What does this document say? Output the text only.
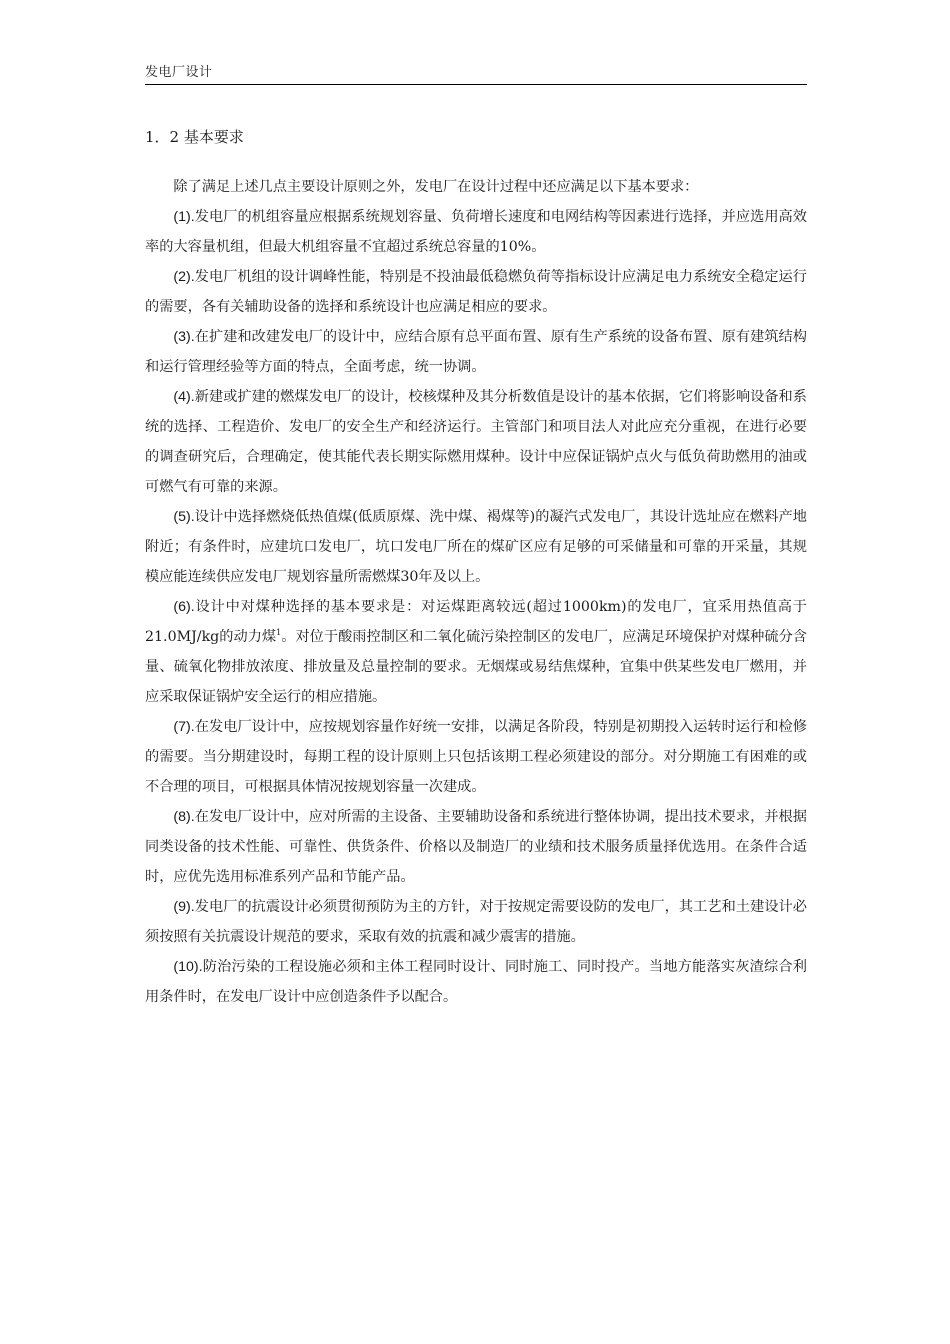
发电厂设计
1．2 基本要求

除了满足上述几点主要设计原则之外，发电厂在设计过程中还应满足以下基本要求：

(1).发电厂的机组容量应根据系统规划容量、负荷增长速度和电网结构等因素进行选择，并应选用高效率的大容量机组，但最大机组容量不宜超过系统总容量的10%。

(2).发电厂机组的设计调峰性能，特别是不投油最低稳燃负荷等指标设计应满足电力系统安全稳定运行的需要，各有关辅助设备的选择和系统设计也应满足相应的要求。

(3).在扩建和改建发电厂的设计中，应结合原有总平面布置、原有生产系统的设备布置、原有建筑结构和运行管理经验等方面的特点，全面考虑，统一协调。

(4).新建或扩建的燃煤发电厂的设计，校核煤种及其分析数值是设计的基本依据，它们将影响设备和系统的选择、工程造价、发电厂的安全生产和经济运行。主管部门和项目法人对此应充分重视，在进行必要的调查研究后，合理确定，使其能代表长期实际燃用煤种。设计中应保证锅炉点火与低负荷助燃用的油或可燃气有可靠的来源。

(5).设计中选择燃烧低热值煤(低质原煤、洗中煤、褐煤等)的凝汽式发电厂，其设计选址应在燃料产地附近；有条件时，应建坑口发电厂，坑口发电厂所在的煤矿区应有足够的可采储量和可靠的开采量，其规模应能连续供应发电厂规划容量所需燃煤30年及以上。

(6).设计中对煤种选择的基本要求是：对运煤距离较远(超过1000km)的发电厂，宜采用热值高于21.0MJ/kg的动力煤$^1$。对位于酸雨控制区和二氧化硫污染控制区的发电厂，应满足环境保护对煤种硫分含量、硫氧化物排放浓度、排放量及总量控制的要求。无烟煤或易结焦煤种，宜集中供某些发电厂燃用，并应采取保证锅炉安全运行的相应措施。

(7).在发电厂设计中，应按规划容量作好统一安排，以满足各阶段，特别是初期投入运转时运行和检修的需要。当分期建设时，每期工程的设计原则上只包括该期工程必须建设的部分。对分期施工有困难的或不合理的项目，可根据具体情况按规划容量一次建成。

(8).在发电厂设计中，应对所需的主设备、主要辅助设备和系统进行整体协调，提出技术要求，并根据同类设备的技术性能、可靠性、供货条件、价格以及制造厂的业绩和技术服务质量择优选用。在条件合适时，应优先选用标准系列产品和节能产品。

(9).发电厂的抗震设计必须贯彻预防为主的方针，对于按规定需要设防的发电厂，其工艺和土建设计必须按照有关抗震设计规范的要求，采取有效的抗震和减少震害的措施。

(10).防治污染的工程设施必须和主体工程同时设计、同时施工、同时投产。当地方能落实灰渣综合利用条件时，在发电厂设计中应创造条件予以配合。
